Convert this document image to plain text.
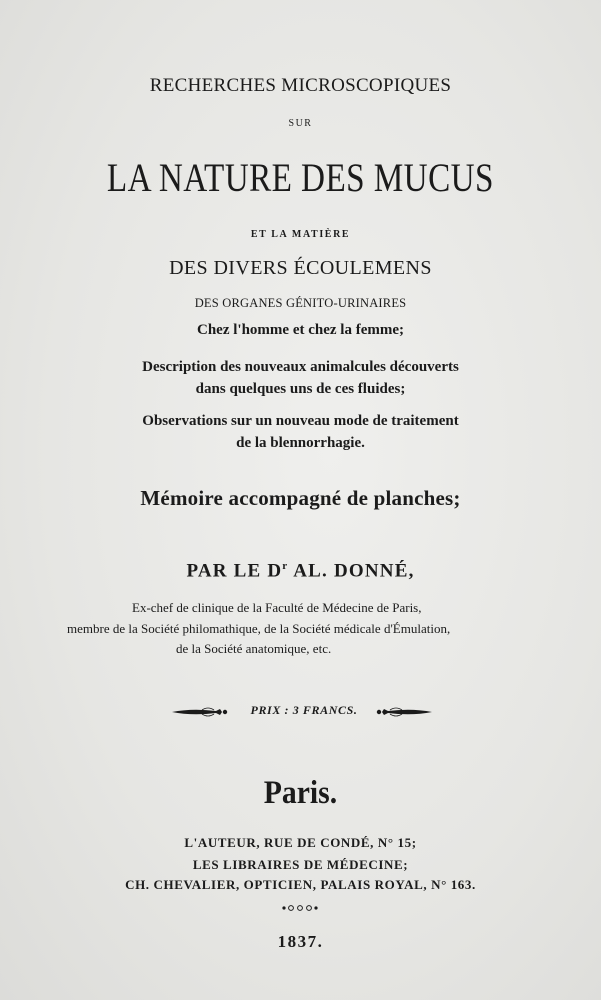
RECHERCHES MICROSCOPIQUES
SUR
LA NATURE DES MUCUS
ET LA MATIÈRE
DES DIVERS ÉCOULEMENS
DES ORGANES GÉNITO-URINAIRES
Chez l'homme et chez la femme;
Description des nouveaux animalcules découverts
dans quelques uns de ces fluides;
Observations sur un nouveau mode de traitement
de la blennorrhagie.
Mémoire accompagné de planches;
PAR LE $D^r$ AL. DONNÉ,
Ex-chef de clinique de la Faculté de Médecine de Paris,
membre de la Société philomathique, de la Société médicale d'Émulation,
de la Société anatomique, etc.
PRIX : 3 FRANCS.
Paris.
L'AUTEUR, RUE DE CONDÉ, N° 15;
LES LIBRAIRES DE MÉDECINE;
CH. CHEVALIER, OPTICIEN, PALAIS ROYAL, N° 163.
1837.
